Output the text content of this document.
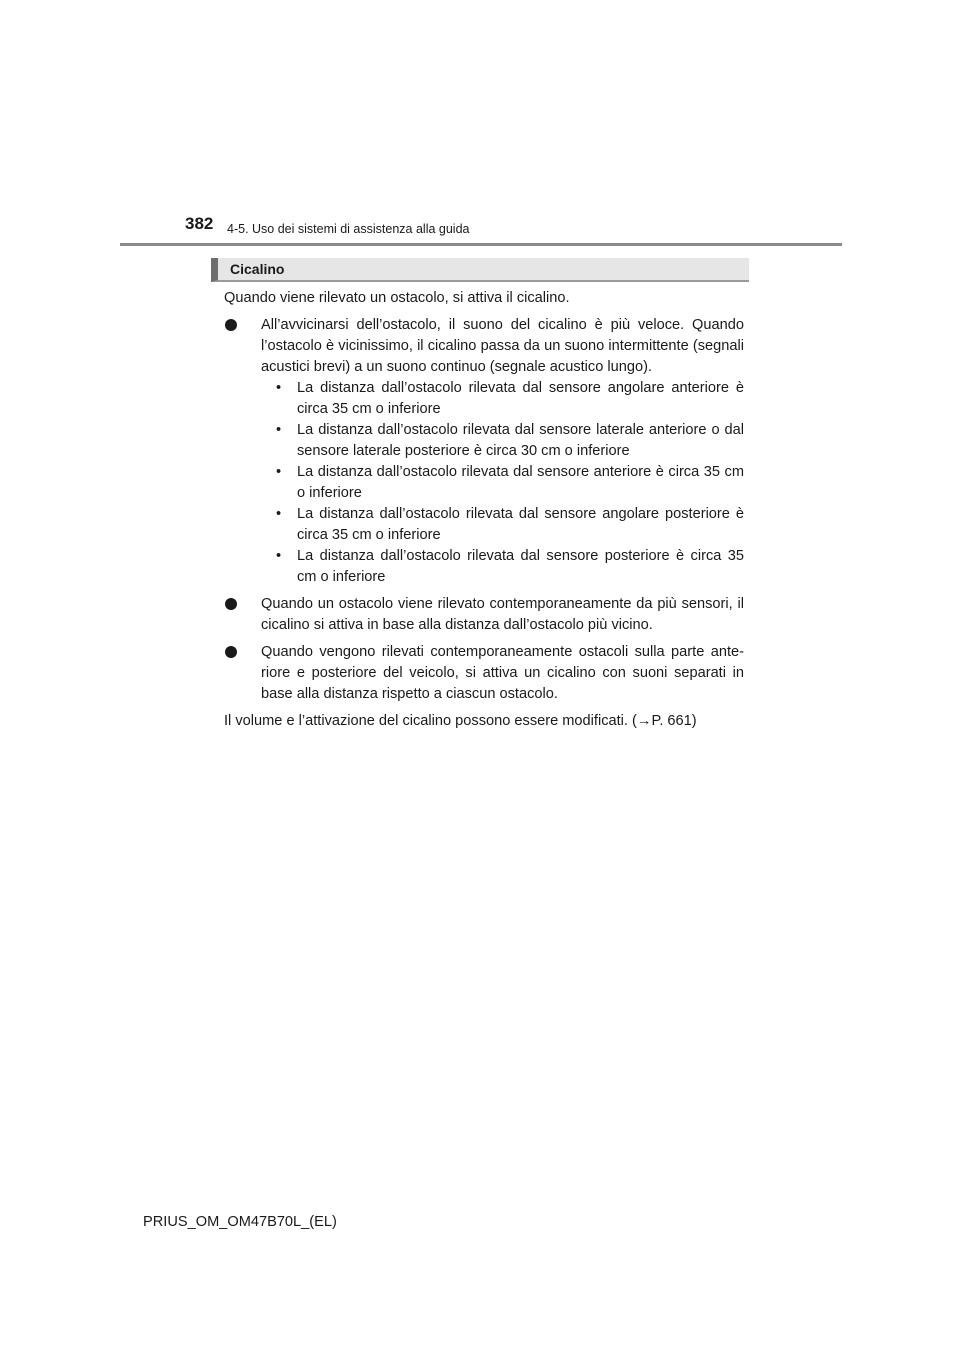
382 4-5. Uso dei sistemi di assistenza alla guida
Cicalino

Quando viene rilevato un ostacolo, si attiva il cicalino.

All’avvicinarsi dell’ostacolo, il suono del cicalino è più veloce. Quando l’ostacolo è vicinissimo, il cicalino passa da un suono intermittente (segnali acustici brevi) a un suono continuo (segnale acustico lungo).
• La distanza dall’ostacolo rilevata dal sensore angolare anteriore è circa 35 cm o inferiore
• La distanza dall’ostacolo rilevata dal sensore laterale anteriore o dal sensore laterale posteriore è circa 30 cm o inferiore
• La distanza dall’ostacolo rilevata dal sensore anteriore è circa 35 cm o inferiore
• La distanza dall’ostacolo rilevata dal sensore angolare posteriore è circa 35 cm o inferiore
• La distanza dall’ostacolo rilevata dal sensore posteriore è circa 35 cm o inferiore
Quando un ostacolo viene rilevato contemporaneamente da più sensori, il cicalino si attiva in base alla distanza dall’ostacolo più vicino.
Quando vengono rilevati contemporaneamente ostacoli sulla parte ante-riore e posteriore del veicolo, si attiva un cicalino con suoni separati in base alla distanza rispetto a ciascun ostacolo.

Il volume e l’attivazione del cicalino possono essere modificati. (→P. 661)

PRIUS_OM_OM47B70L_(EL)
